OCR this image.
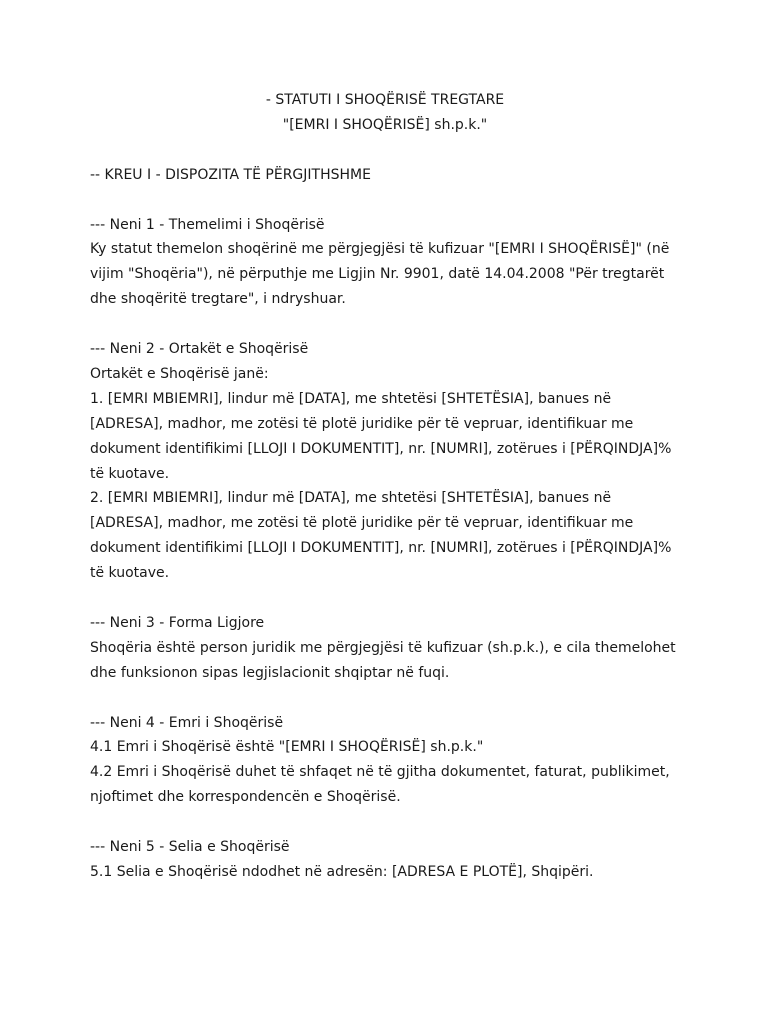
- STATUTI I SHOQËRISË TREGTARE
"[EMRI I SHOQËRISË] sh.p.k."
-- KREU I - DISPOZITA TË PËRGJITHSHME
--- Neni 1 - Themelimi i Shoqërisë
Ky statut themelon shoqërinë me përgjegjësi të kufizuar "[EMRI I SHOQËRISË]" (në
vijim "Shoqëria"), në përputhje me Ligjin Nr. 9901, datë 14.04.2008 "Për tregtarët
dhe shoqëritë tregtare", i ndryshuar.
--- Neni 2 - Ortakët e Shoqërisë
Ortakët e Shoqërisë janë:
1. [EMRI MBIEMRI], lindur më [DATA], me shtetësi [SHTETËSIA], banues në
[ADRESA], madhor, me zotësi të plotë juridike për të vepruar, identifikuar me
dokument identifikimi [LLOJI I DOKUMENTIT], nr. [NUMRI], zotërues i [PËRQINDJA]%
të kuotave.
2. [EMRI MBIEMRI], lindur më [DATA], me shtetësi [SHTETËSIA], banues në
[ADRESA], madhor, me zotësi të plotë juridike për të vepruar, identifikuar me
dokument identifikimi [LLOJI I DOKUMENTIT], nr. [NUMRI], zotërues i [PËRQINDJA]%
të kuotave.
--- Neni 3 - Forma Ligjore
Shoqëria është person juridik me përgjegjësi të kufizuar (sh.p.k.), e cila themelohet
dhe funksionon sipas legjislacionit shqiptar në fuqi.
--- Neni 4 - Emri i Shoqërisë
4.1 Emri i Shoqërisë është "[EMRI I SHOQËRISË] sh.p.k."
4.2 Emri i Shoqërisë duhet të shfaqet në të gjitha dokumentet, faturat, publikimet,
njoftimet dhe korrespondencën e Shoqërisë.
--- Neni 5 - Selia e Shoqërisë
5.1 Selia e Shoqërisë ndodhet në adresën: [ADRESA E PLOTË], Shqipëri.
